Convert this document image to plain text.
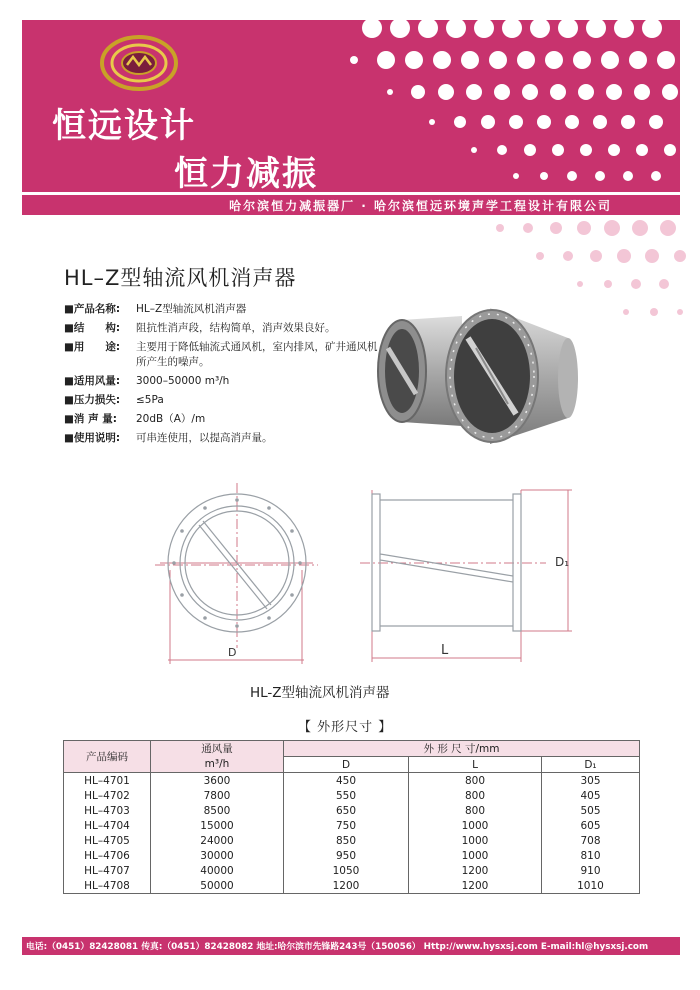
恒远设计
恒力减振
哈尔滨恒力减振器厂 · 哈尔滨恒远环境声学工程设计有限公司
HL–Z型轴流风机消声器
■产品名称:	HL–Z型轴流风机消声器
■结　　构:	阻抗性消声段，结构简单，消声效果良好。
■用　　途:	主要用于降低轴流式通风机，室内排风，矿井通风机所产生的噪声。
■适用风量:	3000–50000 m³/h
■压力损失:	≤5Pa
■消 声 量:	20dB（A）/m
■使用说明:	可串连使用，以提高消声量。
D	L
D₁
HL-Z型轴流风机消声器
【 外形尺寸 】
产品编码	通风量	外 形 尺 寸/mm		
	m³/h	D	L	D₁
HL–4701	3600	450	800	305
HL–4702	7800	550	800	405
HL–4703	8500	650	800	505
HL–4704	15000	750	1000	605
HL–4705	24000	850	1000	708
HL–4706	30000	950	1000	810
HL–4707	40000	1050	1200	910
HL–4708	50000	1200	1200	1010
电话:（0451）82428081 传真:（0451）82428082 地址:哈尔滨市先锋路243号（150056） Http://www.hysxsj.com E-mail:hl@hysxsj.com
